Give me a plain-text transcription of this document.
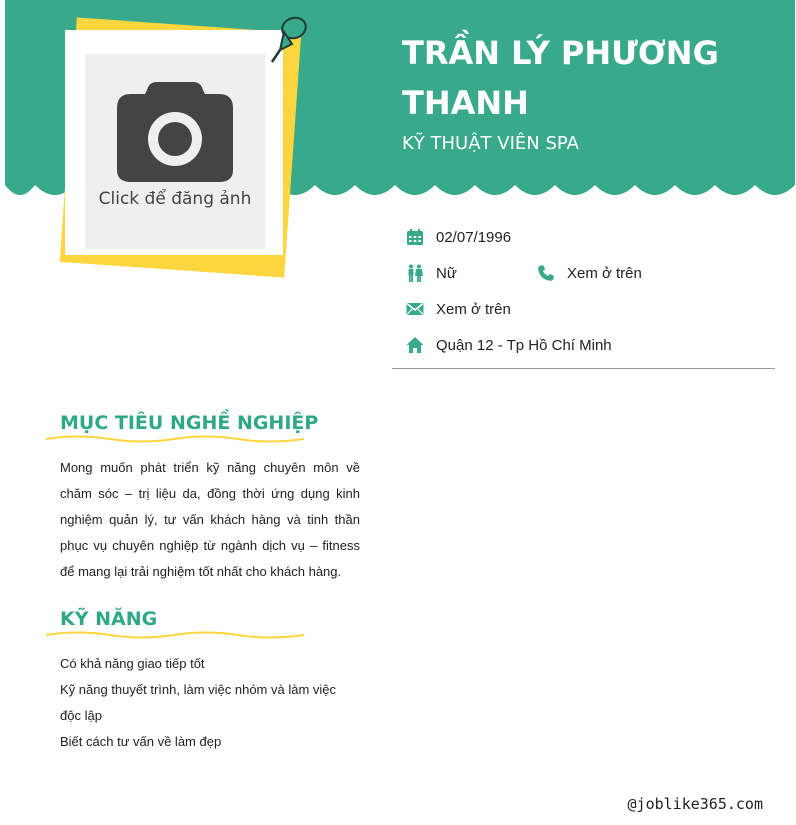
Click để đăng ảnh
TRẦN LÝ PHƯƠNG THANH
KỸ THUẬT VIÊN SPA
02/07/1996
Nữ	Xem ở trên
Xem ở trên
Quận 12 - Tp Hồ Chí Minh
MỤC TIÊU NGHỀ NGHIỆP
Mong muốn phát triển kỹ năng chuyên môn về chăm sóc – trị liệu da, đồng thời ứng dụng kinh nghiệm quản lý, tư vấn khách hàng và tinh thần phục vụ chuyên nghiệp từ ngành dịch vụ – fitness để mang lại trải nghiệm tốt nhất cho khách hàng.
KỸ NĂNG
Có khả năng giao tiếp tốt
Kỹ năng thuyết trình, làm việc nhóm và làm việc độc lập
Biết cách tư vấn về làm đẹp
@joblike365.com
